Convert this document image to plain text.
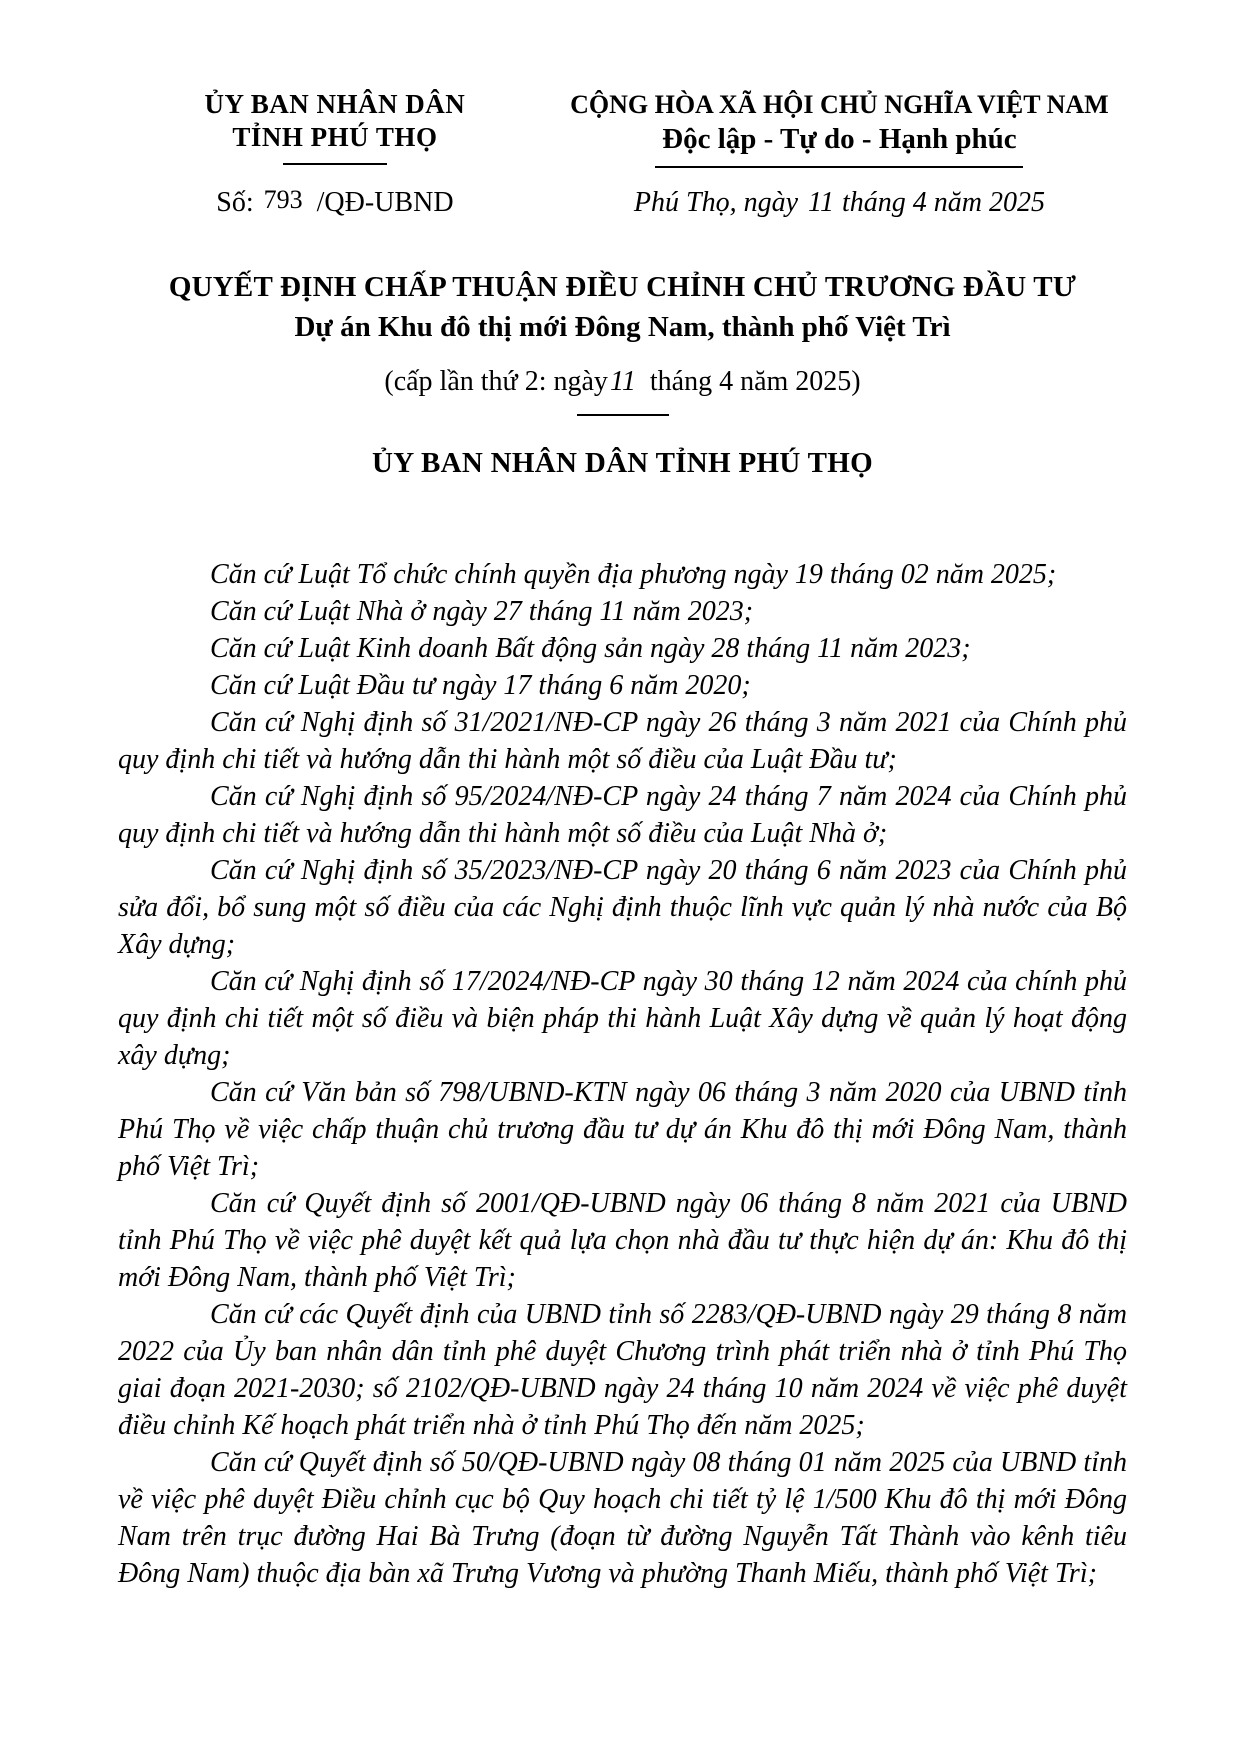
ỦY BAN NHÂN DÂN
TỈNH PHÚ THỌ
CỘNG HÒA XÃ HỘI CHỦ NGHĨA VIỆT NAM
Độc lập - Tự do - Hạnh phúc
Số: 793 /QĐ-UBND	Phú Thọ, ngày 11 tháng 4 năm 2025
QUYẾT ĐỊNH CHẤP THUẬN ĐIỀU CHỈNH CHỦ TRƯƠNG ĐẦU TƯ
Dự án Khu đô thị mới Đông Nam, thành phố Việt Trì
(cấp lần thứ 2: ngày11 tháng 4 năm 2025)
ỦY BAN NHÂN DÂN TỈNH PHÚ THỌ

Căn cứ Luật Tổ chức chính quyền địa phương ngày 19 tháng 02 năm 2025;

Căn cứ Luật Nhà ở ngày 27 tháng 11 năm 2023;

Căn cứ Luật Kinh doanh Bất động sản ngày 28 tháng 11 năm 2023;

Căn cứ Luật Đầu tư ngày 17 tháng 6 năm 2020;

Căn cứ Nghị định số 31/2021/NĐ-CP ngày 26 tháng 3 năm 2021 của Chính phủ quy định chi tiết và hướng dẫn thi hành một số điều của Luật Đầu tư;

Căn cứ Nghị định số 95/2024/NĐ-CP ngày 24 tháng 7 năm 2024 của Chính phủ quy định chi tiết và hướng dẫn thi hành một số điều của Luật Nhà ở;

Căn cứ Nghị định số 35/2023/NĐ-CP ngày 20 tháng 6 năm 2023 của Chính phủ sửa đổi, bổ sung một số điều của các Nghị định thuộc lĩnh vực quản lý nhà nước của Bộ Xây dựng;

Căn cứ Nghị định số 17/2024/NĐ-CP ngày 30 tháng 12 năm 2024 của chính phủ quy định chi tiết một số điều và biện pháp thi hành Luật Xây dựng về quản lý hoạt động xây dựng;

Căn cứ Văn bản số 798/UBND-KTN ngày 06 tháng 3 năm 2020 của UBND tỉnh Phú Thọ về việc chấp thuận chủ trương đầu tư dự án Khu đô thị mới Đông Nam, thành phố Việt Trì;

Căn cứ Quyết định số 2001/QĐ-UBND ngày 06 tháng 8 năm 2021 của UBND tỉnh Phú Thọ về việc phê duyệt kết quả lựa chọn nhà đầu tư thực hiện dự án: Khu đô thị mới Đông Nam, thành phố Việt Trì;

Căn cứ các Quyết định của UBND tỉnh số 2283/QĐ-UBND ngày 29 tháng 8 năm 2022 của Ủy ban nhân dân tỉnh phê duyệt Chương trình phát triển nhà ở tỉnh Phú Thọ giai đoạn 2021-2030; số 2102/QĐ-UBND ngày 24 tháng 10 năm 2024 về việc phê duyệt điều chỉnh Kế hoạch phát triển nhà ở tỉnh Phú Thọ đến năm 2025;

Căn cứ Quyết định số 50/QĐ-UBND ngày 08 tháng 01 năm 2025 của UBND tỉnh về việc phê duyệt Điều chỉnh cục bộ Quy hoạch chi tiết tỷ lệ 1/500 Khu đô thị mới Đông Nam trên trục đường Hai Bà Trưng (đoạn từ đường Nguyễn Tất Thành vào kênh tiêu Đông Nam) thuộc địa bàn xã Trưng Vương và phường Thanh Miếu, thành phố Việt Trì;
